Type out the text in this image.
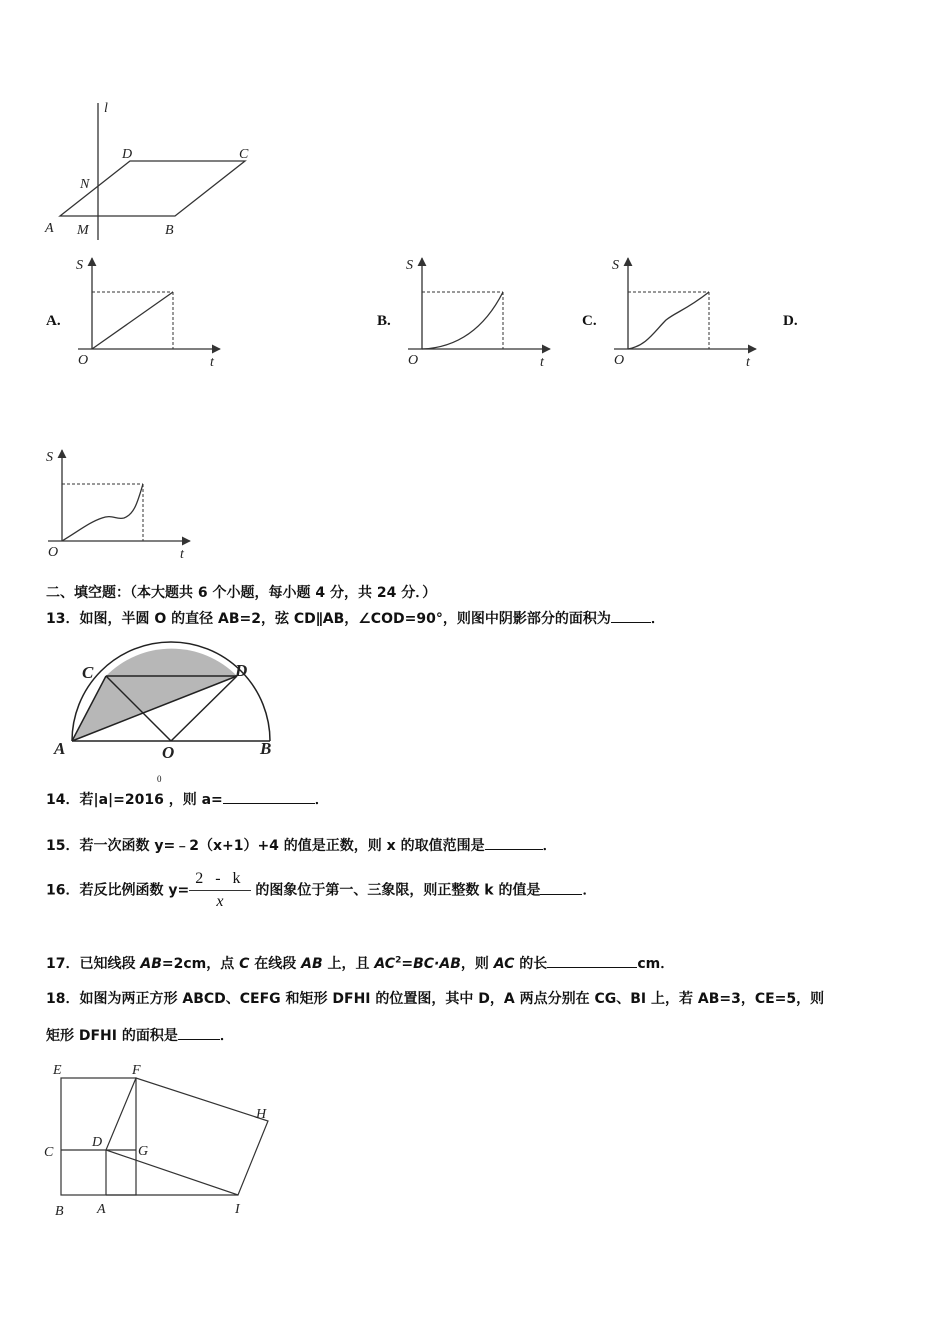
l
D	C
N
A M	B
A.	B.	C.	D.
S
O	t
S
O	t
S
O	t
S
O	t
二、填空题：（本大题共 6 个小题，每小题 4 分，共 24 分．）
13．如图，半圆 O 的直径 AB=2，弦 CD∥AB，∠COD=90°，则图中阴影部分的面积为	．
C	D
A	O	B
0
14．若|a|=2016 ，则 a=	．
15．若一次函数 y=﹣2（x+1）+4 的值是正数，则 x 的取值范围是	．
16．若反比例函数 $y= \frac{2 - k}{x}$ 的图象位于第一、三象限，则正整数 k 的值是	．
17．已知线段 AB=2cm，点 C 在线段 AB 上，且 $AC^2=BC\cdot AB$，则 AC 的长	cm．
18．如图为两正方形 ABCD、CEFG 和矩形 DFHI 的位置图，其中 D，A 两点分别在 CG、BI 上，若 AB=3，CE=5，则
矩形 DFHI 的面积是	．
E	F
H
C
D
G
B A	I
